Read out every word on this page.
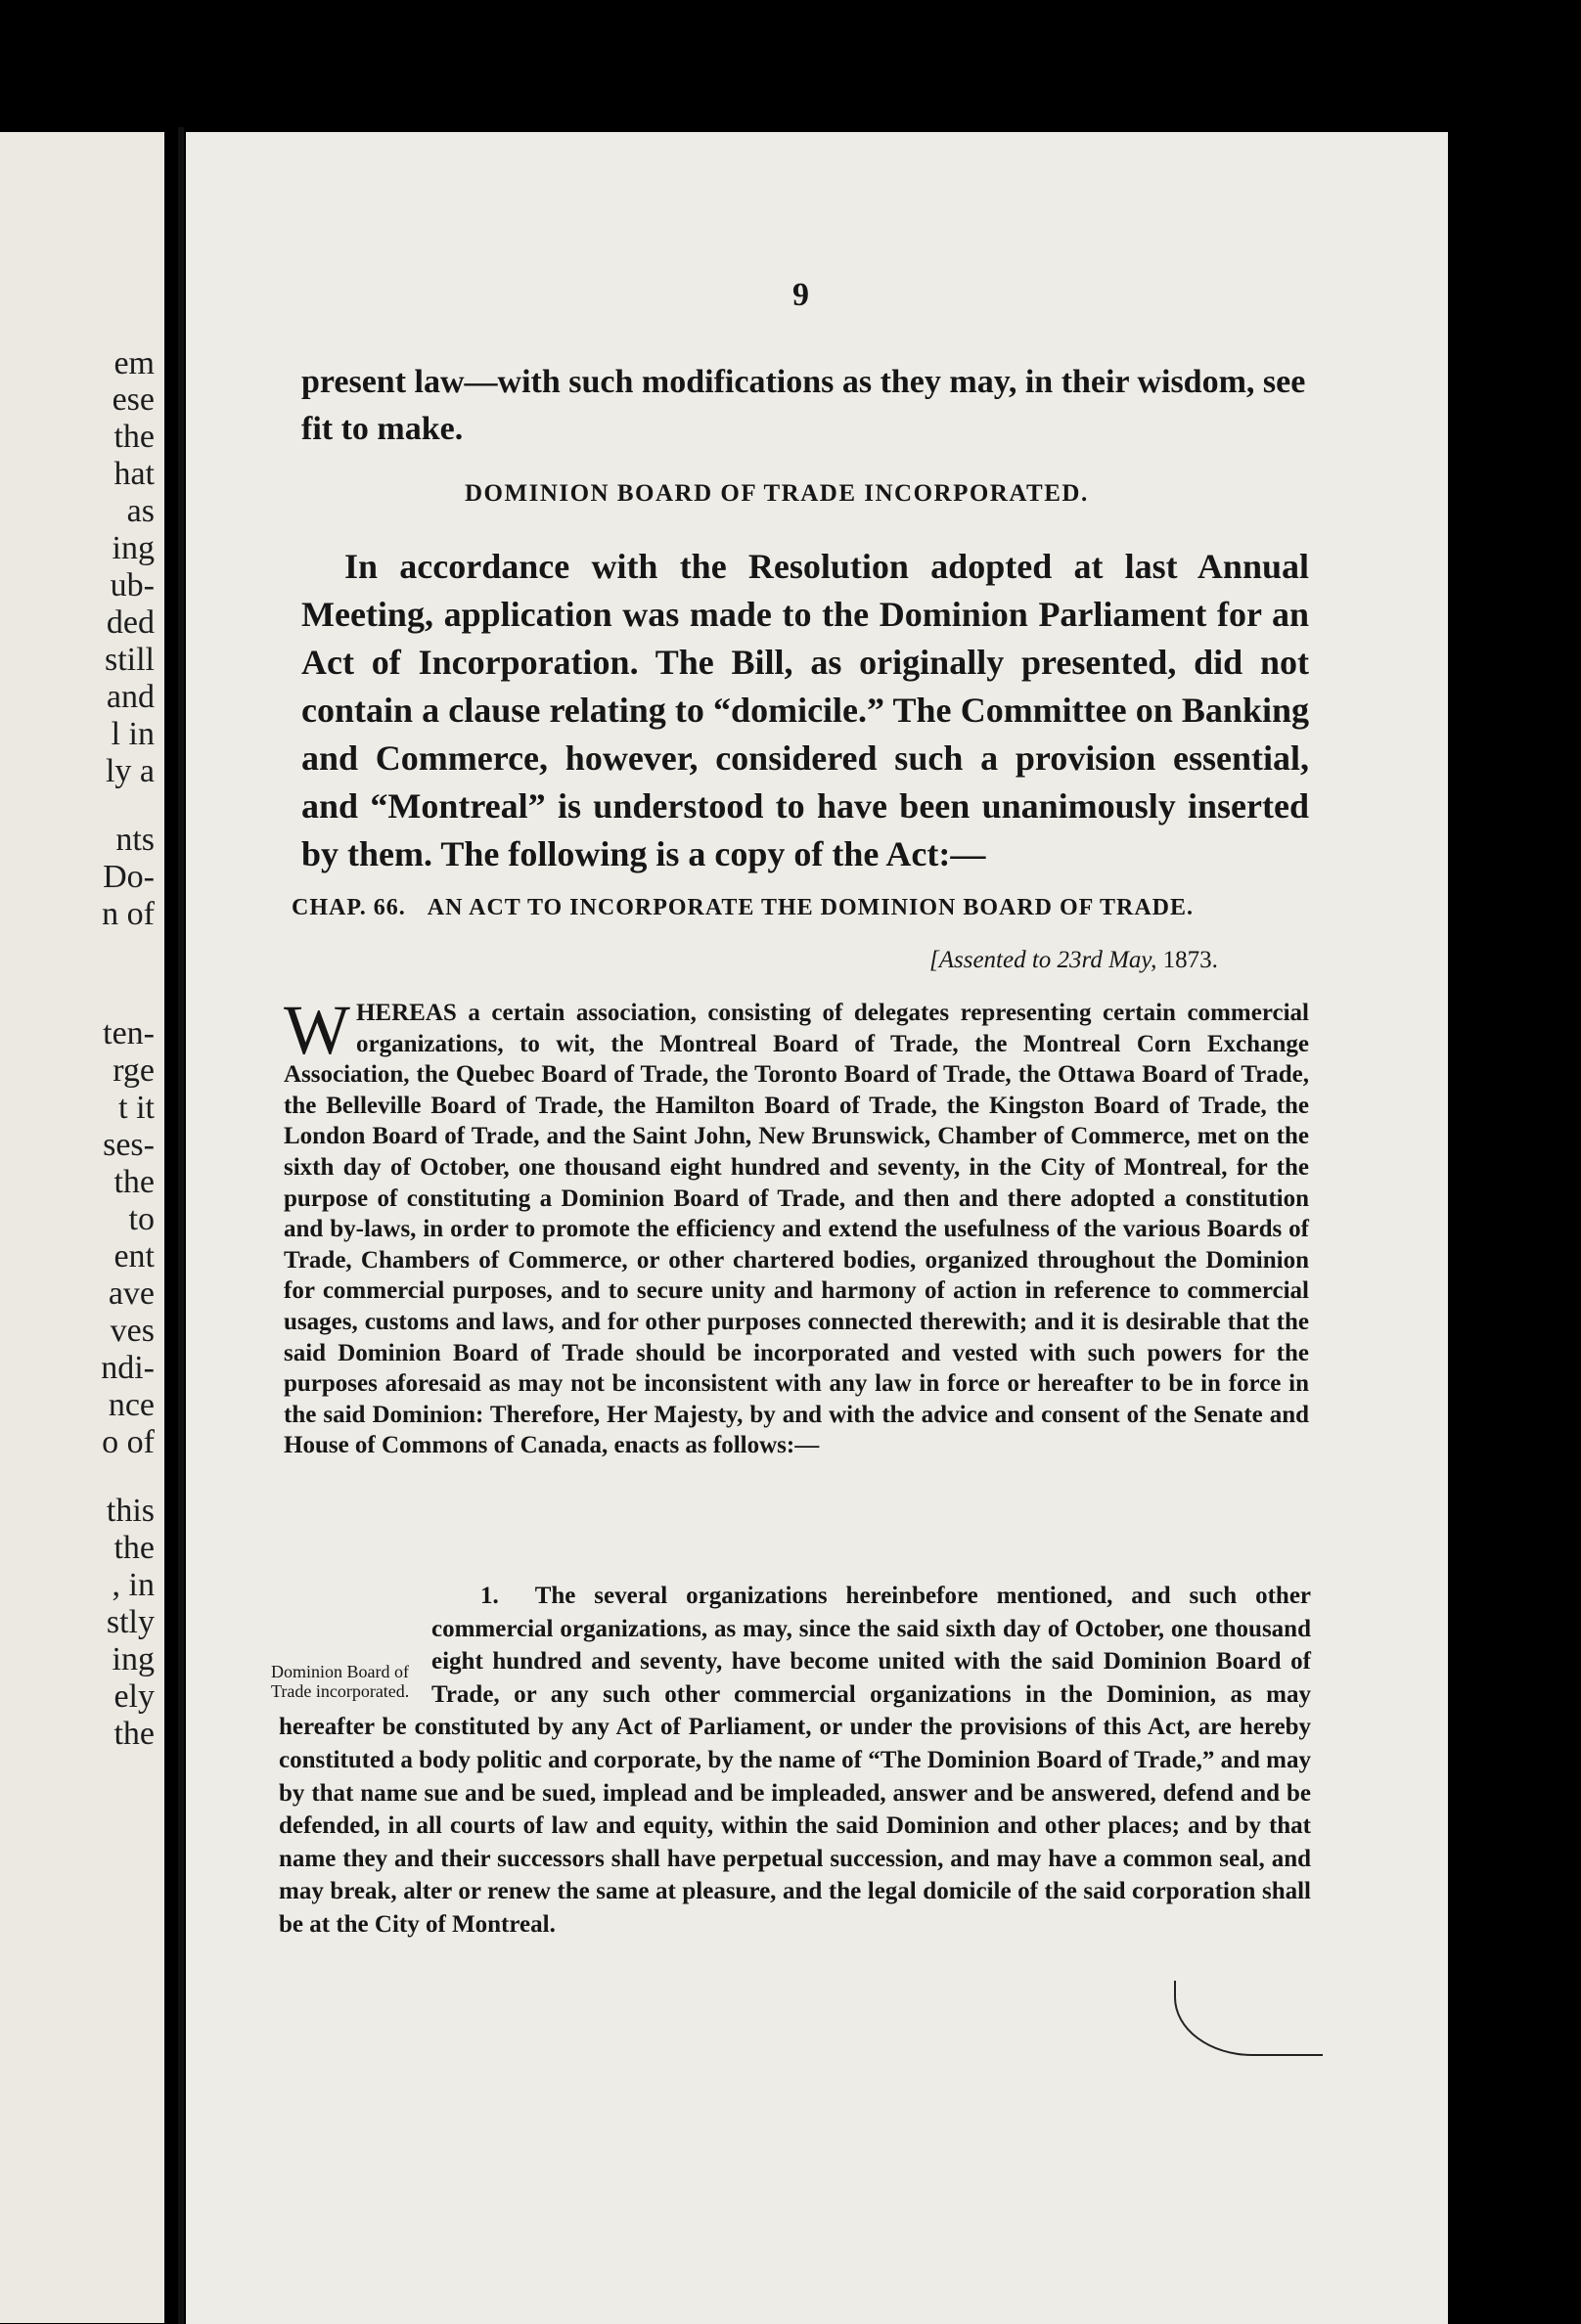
em
ese
the
hat
as
ing
ub-
ded
still
and
l in
ly a
nts
Do-
n of
ten-
rge
t it
ses-
the
to
ent
ave
ves
ndi-
nce
o of
this
the
, in
stly
ing
ely
the
9

present law—with such modifications as they may, in their wisdom, see fit to make.

DOMINION BOARD OF TRADE INCORPORATED.

In accordance with the Resolution adopted at last Annual Meeting, application was made to the Dominion Parliament for an Act of Incorporation. The Bill, as originally presented, did not contain a clause relating to “domicile.” The Committee on Banking and Commerce, however, considered such a provision essential, and “Montreal” is understood to have been unanimously inserted by them. The following is a copy of the Act:—

CHAP. 66. AN ACT TO INCORPORATE THE DOMINION BOARD OF TRADE.
[Assented to 23rd May, 1873.

WHEREAS a certain association, consisting of delegates representing certain commercial organizations, to wit, the Montreal Board of Trade, the Montreal Corn Exchange Association, the Quebec Board of Trade, the Toronto Board of Trade, the Ottawa Board of Trade, the Belleville Board of Trade, the Hamilton Board of Trade, the Kingston Board of Trade, the London Board of Trade, and the Saint John, New Brunswick, Chamber of Commerce, met on the sixth day of October, one thousand eight hundred and seventy, in the City of Montreal, for the purpose of constituting a Dominion Board of Trade, and then and there adopted a constitution and by-laws, in order to promote the efficiency and extend the usefulness of the various Boards of Trade, Chambers of Commerce, or other chartered bodies, organized throughout the Dominion for commercial purposes, and to secure unity and harmony of action in reference to commercial usages, customs and laws, and for other purposes connected therewith; and it is desirable that the said Dominion Board of Trade should be incorporated and vested with such powers for the purposes aforesaid as may not be inconsistent with any law in force or hereafter to be in force in the said Dominion: Therefore, Her Majesty, by and with the advice and consent of the Senate and House of Commons of Canada, enacts as follows:—

1.
Dominion Board of Trade incorporated.
The several organizations hereinbefore mentioned, and such other commercial organizations, as may, since the said sixth day of October, one thousand eight hundred and seventy, have become united with the said Dominion Board of Trade, or any such other commercial organizations in the Dominion, as may hereafter be constituted by any Act of Parliament, or under the provisions of this Act, are hereby constituted a body politic and corporate, by the name of “The Dominion Board of Trade,” and may by that name sue and be sued, implead and be impleaded, answer and be answered, defend and be defended, in all courts of law and equity, within the said Dominion and other places; and by that name they and their successors shall have perpetual succession, and may have a common seal, and may break, alter or renew the same at pleasure, and the legal domicile of the said corporation shall be at the City of Montreal.
